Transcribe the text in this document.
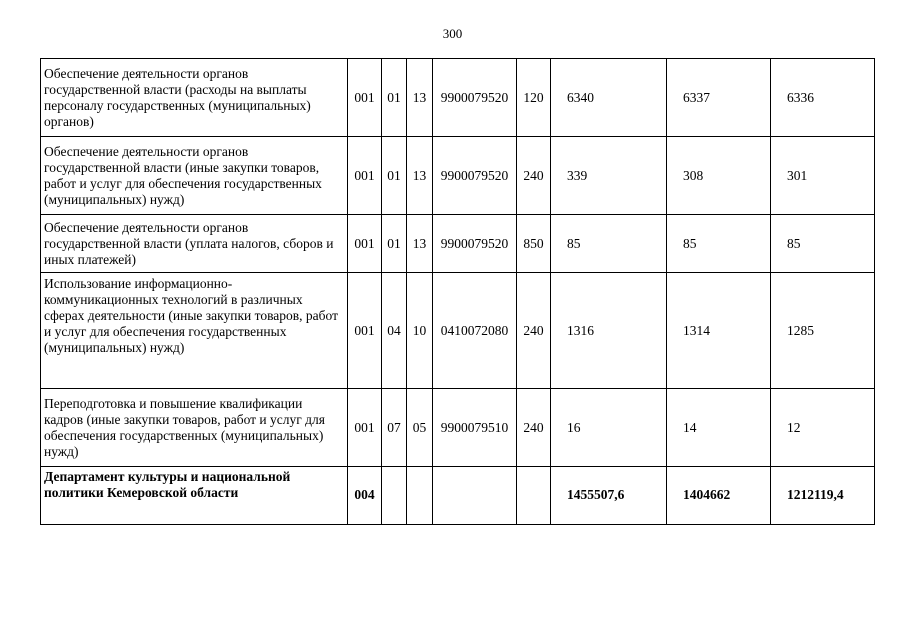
300
Обеспечение деятельности органов государственной власти (расходы на выплаты персоналу государственных (муниципальных) органов)	001	01	13	9900079520	120	6340	6337	6336
Обеспечение деятельности органов государственной власти (иные закупки товаров, работ и услуг для обеспечения государственных (муниципальных) нужд)	001	01	13	9900079520	240	339	308	301
Обеспечение деятельности органов государственной власти (уплата налогов, сборов и иных платежей)	001	01	13	9900079520	850	85	85	85
Использование информационно-коммуникационных технологий в различных сферах деятельности (иные закупки товаров, работ и услуг для обеспечения государственных (муниципальных) нужд)	001	04	10	0410072080	240	1316	1314	1285
Переподготовка и повышение квалификации кадров (иные закупки товаров, работ и услуг для обеспечения государственных (муниципальных) нужд)	001	07	05	9900079510	240	16	14	12
Департамент культуры и национальной политики Кемеровской области	004					1455507,6	1404662	1212119,4
